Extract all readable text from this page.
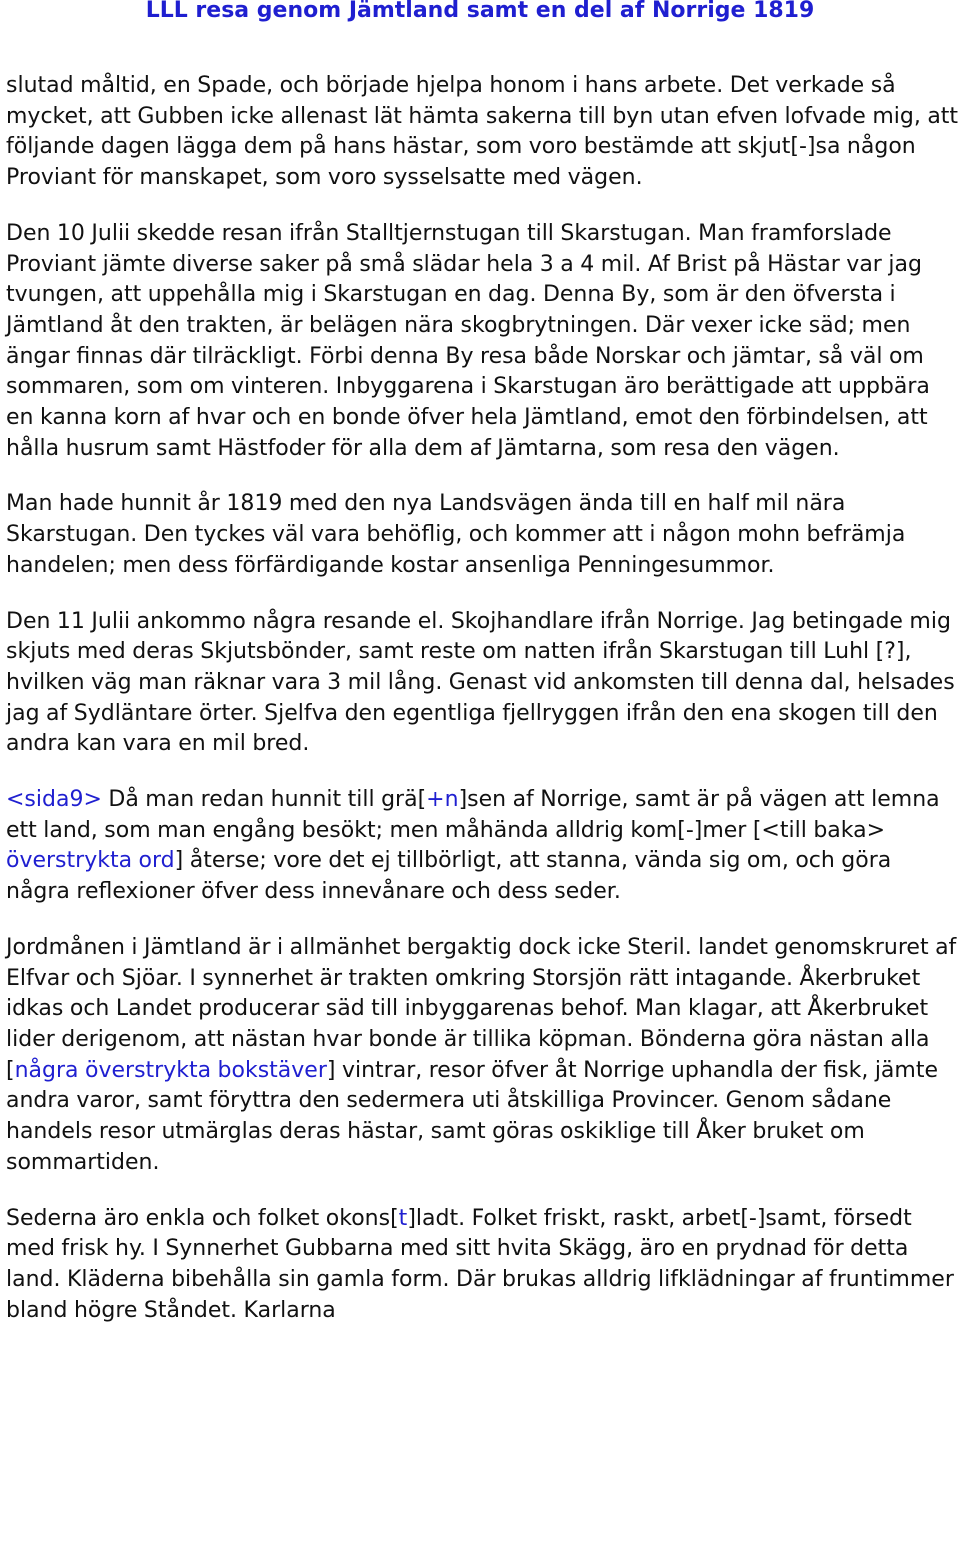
LLL resa genom Jämtland samt en del af Norrige 1819

slutad måltid, en Spade, och började hjelpa honom i hans arbete. Det verkade så mycket, att Gubben icke allenast lät hämta sakerna till byn utan efven lofvade mig, att följande dagen lägga dem på hans hästar, som voro bestämde att skjut[-]sa någon Proviant för manskapet, som voro sysselsatte med vägen.

Den 10 Julii skedde resan ifrån Stalltjernstugan till Skarstugan. Man framforslade Proviant jämte diverse saker på små slädar hela 3 a 4 mil. Af Brist på Hästar var jag tvungen, att uppehålla mig i Skarstugan en dag. Denna By, som är den öfversta i Jämtland åt den trakten, är belägen nära skogbrytningen. Där vexer icke säd; men ängar finnas där tilräckligt. Förbi denna By resa både Norskar och jämtar, så väl om sommaren, som om vinteren. Inbyggarena i Skarstugan äro berättigade att uppbära en kanna korn af hvar och en bonde öfver hela Jämtland, emot den förbindelsen, att hålla husrum samt Hästfoder för alla dem af Jämtarna, som resa den vägen.

Man hade hunnit år 1819 med den nya Landsvägen ända till en half mil nära Skarstugan. Den tyckes väl vara behöflig, och kommer att i någon mohn befrämja handelen; men dess förfärdigande kostar ansenliga Penningesummor.

Den 11 Julii ankommo några resande el. Skojhandlare ifrån Norrige. Jag betingade mig skjuts med deras Skjutsbönder, samt reste om natten ifrån Skarstugan till Luhl [?], hvilken väg man räknar vara 3 mil lång. Genast vid ankomsten till denna dal, helsades jag af Sydläntare örter. Sjelfva den egentliga fjellryggen ifrån den ena skogen till den andra kan vara en mil bred.

<sida9> Då man redan hunnit till grä[+n]sen af Norrige, samt är på vägen att lemna ett land, som man engång besökt; men måhända alldrig kom[-]mer [<till baka> överstrykta ord] återse; vore det ej tillbörligt, att stanna, vända sig om, och göra några reflexioner öfver dess innevånare och dess seder.

Jordmånen i Jämtland är i allmänhet bergaktig dock icke Steril. landet genomskruret af Elfvar och Sjöar. I synnerhet är trakten omkring Storsjön rätt intagande. Åkerbruket idkas och Landet producerar säd till inbyggarenas behof. Man klagar, att Åkerbruket lider derigenom, att nästan hvar bonde är tillika köpman. Bönderna göra nästan alla [några överstrykta bokstäver] vintrar, resor öfver åt Norrige uphandla der fisk, jämte andra varor, samt föryttra den sedermera uti åtskilliga Provincer. Genom sådane handels resor utmärglas deras hästar, samt göras oskiklige till Åker bruket om sommartiden.

Sederna äro enkla och folket okons[t]ladt. Folket friskt, raskt, arbet[-]samt, försedt med frisk hy. I Synnerhet Gubbarna med sitt hvita Skägg, äro en prydnad för detta land. Kläderna bibehålla sin gamla form. Där brukas alldrig lifklädningar af fruntimmer bland högre Ståndet. Karlarna
